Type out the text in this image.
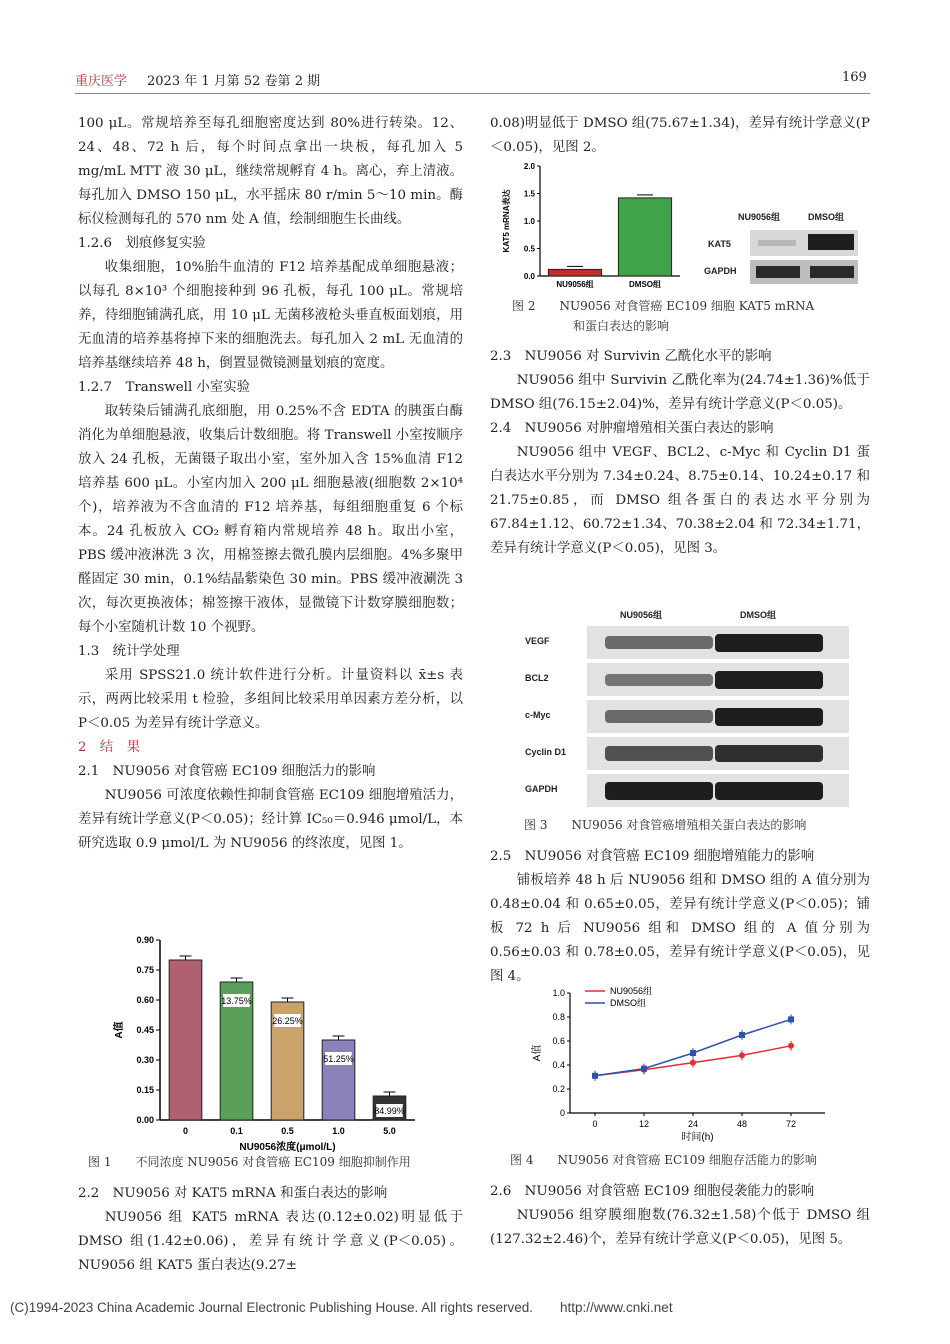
重庆医学 2023 年 1 月第 52 卷第 2 期	169

100 μL。常规培养至每孔细胞密度达到 80%进行转染。12、24、48、72 h 后，每个时间点拿出一块板，每孔加入 5 mg/mL MTT 液 30 μL，继续常规孵育 4 h。离心，弃上清液。每孔加入 DMSO 150 μL，水平摇床 80 r/min 5～10 min。酶标仪检测每孔的 570 nm 处 A 值，绘制细胞生长曲线。

1.2.6　划痕修复实验

收集细胞，10%胎牛血清的 F12 培养基配成单细胞悬液；以每孔 8×10³ 个细胞接种到 96 孔板，每孔 100 μL。常规培养，待细胞铺满孔底，用 10 μL 无菌移液枪头垂直板面划痕，用无血清的培养基将掉下来的细胞洗去。每孔加入 2 mL 无血清的培养基继续培养 48 h，倒置显微镜测量划痕的宽度。

1.2.7　Transwell 小室实验

取转染后铺满孔底细胞，用 0.25%不含 EDTA 的胰蛋白酶消化为单细胞悬液，收集后计数细胞。将 Transwell 小室按顺序放入 24 孔板，无菌镊子取出小室，室外加入含 15%血清 F12 培养基 600 μL。小室内加入 200 μL 细胞悬液(细胞数 2×10⁴ 个)，培养液为不含血清的 F12 培养基，每组细胞重复 6 个标本。24 孔板放入 CO₂ 孵育箱内常规培养 48 h。取出小室，PBS 缓冲液淋洗 3 次，用棉签擦去微孔膜内层细胞。4%多聚甲醛固定 30 min，0.1%结晶紫染色 30 min。PBS 缓冲液涮洗 3 次，每次更换液体；棉签擦干液体，显微镜下计数穿膜细胞数；每个小室随机计数 10 个视野。

1.3　统计学处理

采用 SPSS21.0 统计软件进行分析。计量资料以 x̄±s 表示，两两比较采用 t 检验，多组间比较采用单因素方差分析，以 P＜0.05 为差异有统计学意义。

2　结　果

2.1　NU9056 对食管癌 EC109 细胞活力的影响

NU9056 可浓度依赖性抑制食管癌 EC109 细胞增殖活力，差异有统计学意义(P＜0.05)；经计算 IC₅₀＝0.946 μmol/L，本研究选取 0.9 μmol/L 为 NU9056 的终浓度，见图 1。

0.00
0.15
0.30
0.45
0.60
0.75
0.90
A值
0	0.1
13.75%
0.5
26.25%
1.0
51.25%
5.0
84.99%
NU9056浓度(μmol/L)
图 1　　不同浓度 NU9056 对食管癌 EC109 细胞抑制作用

2.2　NU9056 对 KAT5 mRNA 和蛋白表达的影响

NU9056 组 KAT5 mRNA 表达(0.12±0.02)明显低于 DMSO 组(1.42±0.06)，差异有统计学意义(P＜0.05)。NU9056 组 KAT5 蛋白表达(9.27±

0.08)明显低于 DMSO 组(75.67±1.34)，差异有统计学意义(P＜0.05)，见图 2。

0.0
0.5
1.0
1.5
2.0
KAT5 mRNA表达
NU9056组	DMSO组
NU9056组	DMSO组
KAT5
GAPDH
图 2　　NU9056 对食管癌 EC109 细胞 KAT5 mRNA
和蛋白表达的影响

2.3　NU9056 对 Survivin 乙酰化水平的影响

NU9056 组中 Survivin 乙酰化率为(24.74±1.36)%低于 DMSO 组(76.15±2.04)%，差异有统计学意义(P＜0.05)。

2.4　NU9056 对肿瘤增殖相关蛋白表达的影响

NU9056 组中 VEGF、BCL2、c-Myc 和 Cyclin D1 蛋白表达水平分别为 7.34±0.24、8.75±0.14、10.24±0.17 和 21.75±0.85，而 DMSO 组各蛋白的表达水平分别为 67.84±1.12、60.72±1.34、70.38±2.04 和 72.34±1.71，差异有统计学意义(P＜0.05)，见图 3。

NU9056组	DMSO组
VEGF
BCL2
c-Myc
Cyclin D1
GAPDH
图 3　　NU9056 对食管癌增殖相关蛋白表达的影响

2.5　NU9056 对食管癌 EC109 细胞增殖能力的影响

铺板培养 48 h 后 NU9056 组和 DMSO 组的 A 值分别为 0.48±0.04 和 0.65±0.05，差异有统计学意义(P＜0.05)；铺板 72 h 后 NU9056 组和 DMSO 组的 A 值分别为 0.56±0.03 和 0.78±0.05，差异有统计学意义(P＜0.05)，见图 4。

0
0.2
0.4
0.6
0.8
1.0
A值
0	12	24	48	72
时间(h)
NU9056组
DMSO组
图 4　　NU9056 对食管癌 EC109 细胞存活能力的影响

2.6　NU9056 对食管癌 EC109 细胞侵袭能力的影响

NU9056 组穿膜细胞数(76.32±1.58)个低于 DMSO 组(127.32±2.46)个，差异有统计学意义(P＜0.05)，见图 5。

(C)1994-2023 China Academic Journal Electronic Publishing House. All rights reserved.　　http://www.cnki.net
